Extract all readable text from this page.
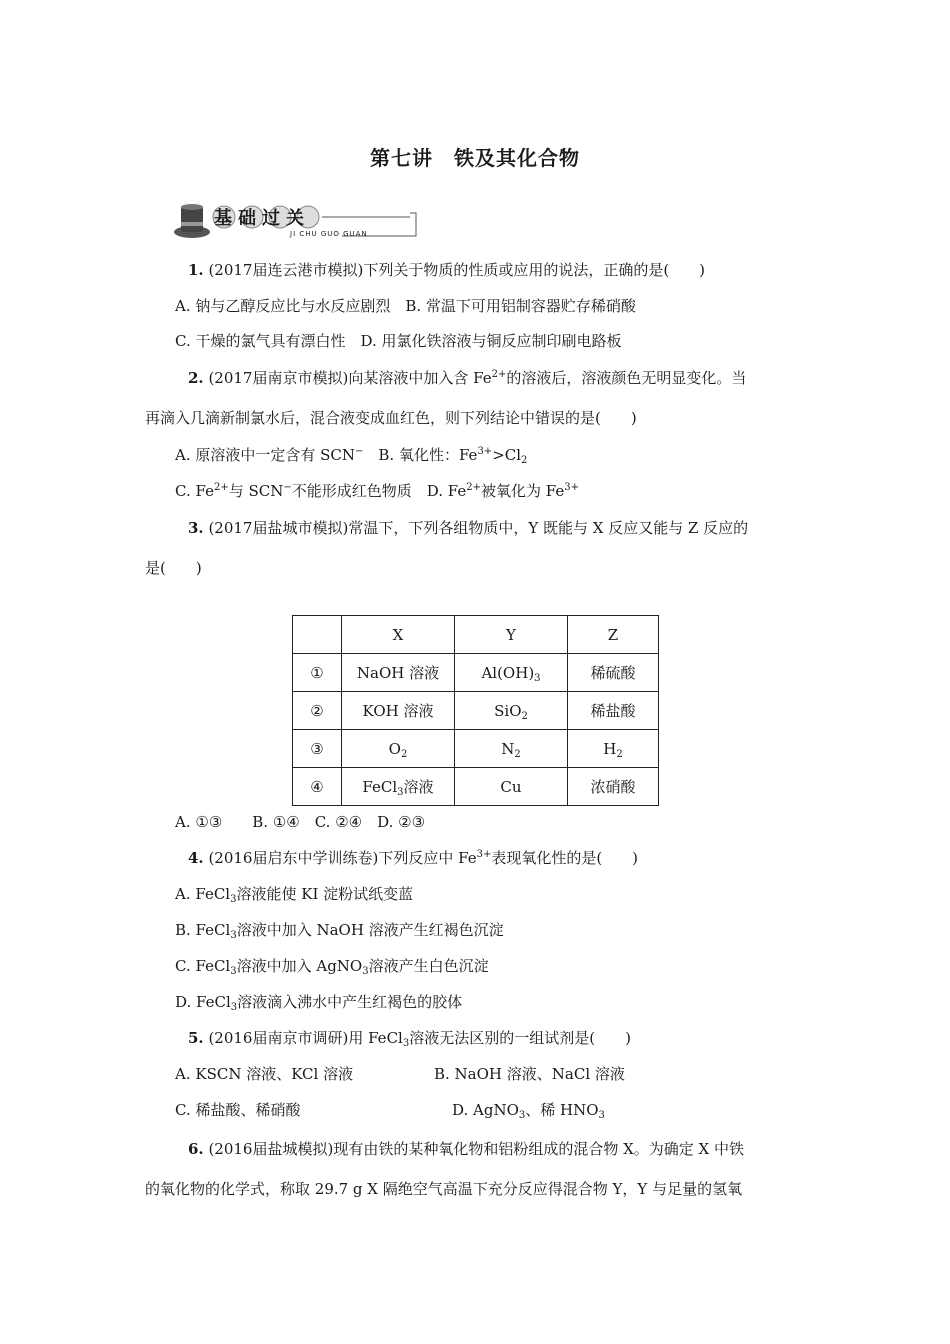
第七讲　铁及其化合物
基础过关
JI CHU GUO GUAN
1. (2017届连云港市模拟)下列关于物质的性质或应用的说法，正确的是(　　)
A. 钠与乙醇反应比与水反应剧烈　B. 常温下可用铝制容器贮存稀硝酸
C. 干燥的氯气具有漂白性　D. 用氯化铁溶液与铜反应制印刷电路板
2. (2017届南京市模拟)向某溶液中加入含 $Fe^{2+}$的溶液后，溶液颜色无明显变化。当
再滴入几滴新制氯水后，混合液变成血红色，则下列结论中错误的是(　　)
A. 原溶液中一定含有 SCN−　B. 氧化性：$Fe^{3+}>Cl_2$
C. $Fe^{2+}$与 SCN−不能形成红色物质　D. $Fe^{2+}$被氧化为 $Fe^{3+}$
3. (2017届盐城市模拟)常温下，下列各组物质中，Y 既能与 X 反应又能与 Z 反应的
是(　　)
	X	Y	Z
①	NaOH 溶液	$Al(OH)_3$	稀硫酸
②	KOH 溶液	SiO$_2$	稀盐酸
③	$O_2$	$N_2$	$H_2$
④	FeCl$_3$溶液	Cu	浓硝酸
A. ①③　　B. ①④　C. ②④　D. ②③
4. (2016届启东中学训练卷)下列反应中 $Fe^{3+}$表现氧化性的是(　　)
A. FeCl$_3$溶液能使 KI 淀粉试纸变蓝
B. FeCl$_3$溶液中加入 NaOH 溶液产生红褐色沉淀
C. FeCl$_3$溶液中加入 AgNO$_3$溶液产生白色沉淀
D. FeCl$_3$溶液滴入沸水中产生红褐色的胶体
5. (2016届南京市调研)用 FeCl$_3$溶液无法区别的一组试剂是(　　)
A. KSCN 溶液、KCl 溶液	B. NaOH 溶液、NaCl 溶液
C. 稀盐酸、稀硝酸	D. AgNO$_3$、稀 $HNO_3$
6. (2016届盐城模拟)现有由铁的某种氧化物和铝粉组成的混合物 X。为确定 X 中铁
的氧化物的化学式，称取 29.7 g X 隔绝空气高温下充分反应得混合物 Y，Y 与足量的氢氧
